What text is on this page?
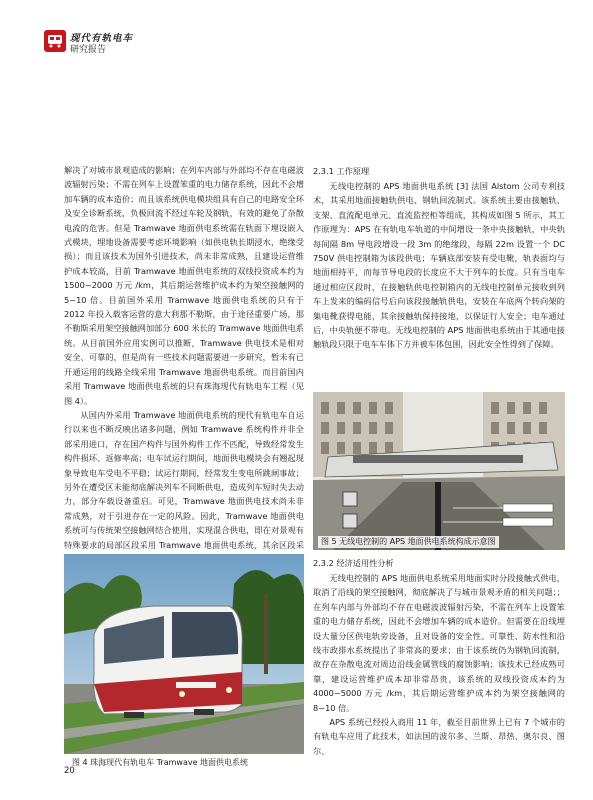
现代有轨电车
研究报告

解决了对城市景观造成的影响；在列车内部与外部均不存在电磁波波辐射污染；不需在列车上设置笨重的电力储存系统，因此不会增加车辆的成本造价；而且该系统供电模块组具有自己的电路安全环及安全诊断系统，负极回流不经过车轮及钢轨，有效的避免了杂散电流的危害。但是 Tramwave 地面供电系统需在轨面下埋设嵌入式模块，埋地设备需要考虑环境影响（如供电轨长期浸水，绝缘受损）；而且该技术为国外引进技术，尚未非常成熟，且建设运营维护成本较高，目前 Tramwave 地面供电系统的双线投资成本约为 1500~2000 万元 /km，其后期运营维护成本约为架空接触网的 5~10 倍。目前国外采用 Tramwave 地面供电系统的只有于 2012 年投入载客运营的意大利那不勒斯，由于途径重要广场，那不勒斯采用架空接触网加部分 600 米长的 Tramwave 地面供电系统。从目前国外应用实例可以推断，Tramwave 供电技术是相对安全、可靠的，但是尚有一些技术问题需要进一步研究，暂未有已开通运用的线路全线采用 Tramwave 地面供电系统。而目前国内采用 Tramwave 地面供电系统的只有珠海现代有轨电车工程（见图 4）。

从国内外采用 Tramwave 地面供电系统的现代有轨电车自运行以来也不断反映出诸多问题，例如 Tramwave 系统构件并非全部采用进口，存在国产构件与国外构件工作不匹配，导致经常发生构件损坏、返修率高；电车试运行期间，地面供电模块会有翘起现象导致电车受电不平稳；试运行期间，经常发生变电所跳闸事故；另外在遭受区未能彻底解决列车不同断供电，造成列车短时失去动力，部分车载设备重启。可见，Tramwave 地面供电技术尚未非常成熟，对于引进存在一定的风险。因此，Tramwave 地面供电系统可与传统架空接触网结合使用，实现混合供电，即在对景观有特殊要求的局部区段采用 Tramwave 地面供电系统，其余区段采

图 4 珠海现代有轨电车 Tramwave 地面供电系统

2.3.1 工作原理

无线电控制的 APS 地面供电系统 [3] 法国 Alstom 公司专利技术，其采用地面接触轨供电、钢轨回流制式。该系统主要由接触轨、支架、直流配电单元、直流监控柜等组成，其构成如图 5 所示，其工作原理为：APS 在有轨电车轨道的中间增设一条中央接触轨，中央轨每间隔 8m 导电段增设一段 3m 的绝缘段，每隔 22m 设置一个 DC 750V 供电控制箱为该段供电；车辆底部安装有受电靴，轨表面均与地面相持平，而每节导电段的长度应不大于列车的长度。只有当电车通过相应区段时，在接触轨供电控制箱内的无线电控制单元接收到列车上发来的编码信号后向该段接触轨供电，安装在车底两个转向架的集电靴获得电能，其余接触轨保持接地，以保证行人安全；电车通过后，中央轨便不带电。无线电控制的 APS 地面供电系统由于其通电接触轨段只限于电车车体下方并被车体包围，因此安全性得到了保障。

图 5 无线电控制的 APS 地面供电系统构成示意图

2.3.2 经济适用性分析

无线电控制的 APS 地面供电系统采用地面实时分段接触式供电，取消了沿线的架空接触网，彻底解决了与城市景观矛盾的相关问题；；在列车内部与外部均不存在电磁波波辐射污染，不需在列车上设置笨重的电力储存系统，因此不会增加车辆的成本造价。但需要在沿线埋设大量分区供电轨旁设备，且对设备的安全性、可靠性、防水性和沿线市政排水系统提出了非常高的要求；由于该系统仍为钢轨回流制，故存在杂散电流对周边沿线金属管线的腐蚀影响；该技术已经成熟可靠，建设运营维护成本却非常昂贵，该系统的双线投资成本约为 4000~5000 万元 /km，其后期运营维护成本约为架空接触网的 8~10 倍。

APS 系统已经投入商用 11 年，截至目前世界上已有 7 个城市的有轨电车应用了此技术，如法国的波尔多、兰斯、昂热、奥尔良、图尔、

20
